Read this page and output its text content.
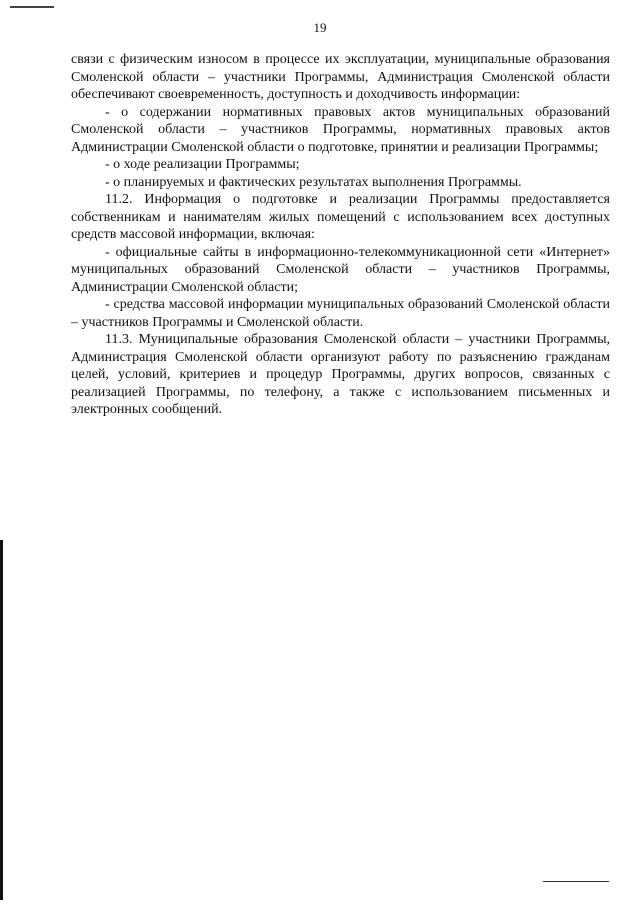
19

связи с физическим износом в процессе их эксплуатации, муниципальные образования Смоленской области – участники Программы, Администрация Смоленской области обеспечивают своевременность, доступность и доходчивость информации:

- о содержании нормативных правовых актов муниципальных образований Смоленской области – участников Программы, нормативных правовых актов Администрации Смоленской области о подготовке, принятии и реализации Программы;

- о ходе реализации Программы;

- о планируемых и фактических результатах выполнения Программы.

11.2. Информация о подготовке и реализации Программы предоставляется собственникам и нанимателям жилых помещений с использованием всех доступных средств массовой информации, включая:

- официальные сайты в информационно-телекоммуникационной сети «Интернет» муниципальных образований Смоленской области – участников Программы, Администрации Смоленской области;

- средства массовой информации муниципальных образований Смоленской области – участников Программы и Смоленской области.

11.3. Муниципальные образования Смоленской области – участники Программы, Администрация Смоленской области организуют работу по разъяснению гражданам целей, условий, критериев и процедур Программы, других вопросов, связанных с реализацией Программы, по телефону, а также с использованием письменных и электронных сообщений.
